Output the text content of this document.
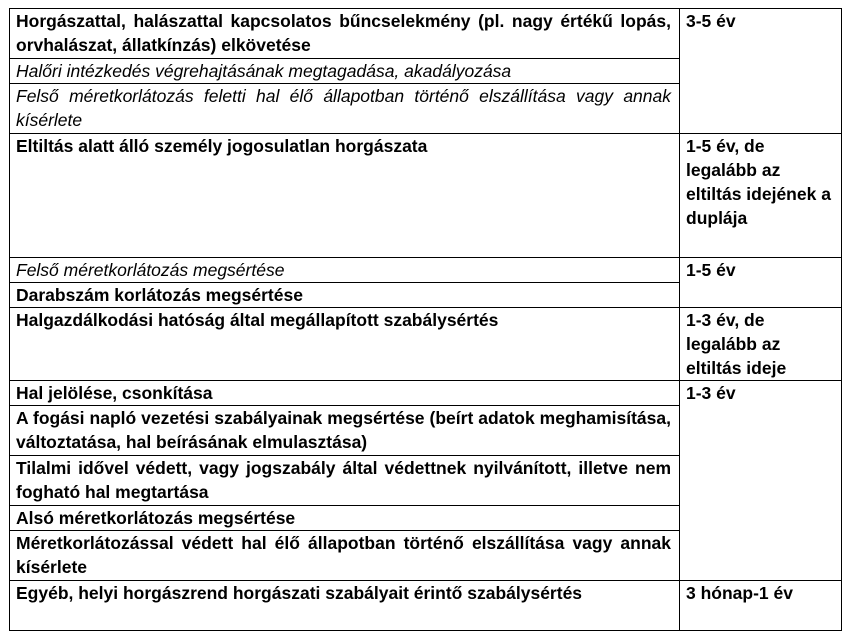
Horgászattal, halászattal kapcsolatos bűncselekmény (pl. nagy értékű lopás, orvhalászat, állatkínzás) elkövetése	3-5 év
Halőri intézkedés végrehajtásának megtagadása, akadályozása	
Felső méretkorlátozás feletti hal élő állapotban történő elszállítása vagy annak kísérlete	
Eltiltás alatt álló személy jogosulatlan horgászata	1-5 év, de legalább az eltiltás idejének a duplája
Felső méretkorlátozás megsértése	1-5 év
Darabszám korlátozás megsértése	
Halgazdálkodási hatóság által megállapított szabálysértés	1-3 év, de legalább az eltiltás ideje
Hal jelölése, csonkítása	1-3 év
A fogási napló vezetési szabályainak megsértése (beírt adatok meghamisítása, változtatása, hal beírásának elmulasztása)	
Tilalmi idővel védett, vagy jogszabály által védettnek nyilvánított, illetve nem fogható hal megtartása	
Alsó méretkorlátozás megsértése	
Méretkorlátozással védett hal élő állapotban történő elszállítása vagy annak kísérlete	
Egyéb, helyi horgászrend horgászati szabályait érintő szabálysértés	3 hónap-1 év
